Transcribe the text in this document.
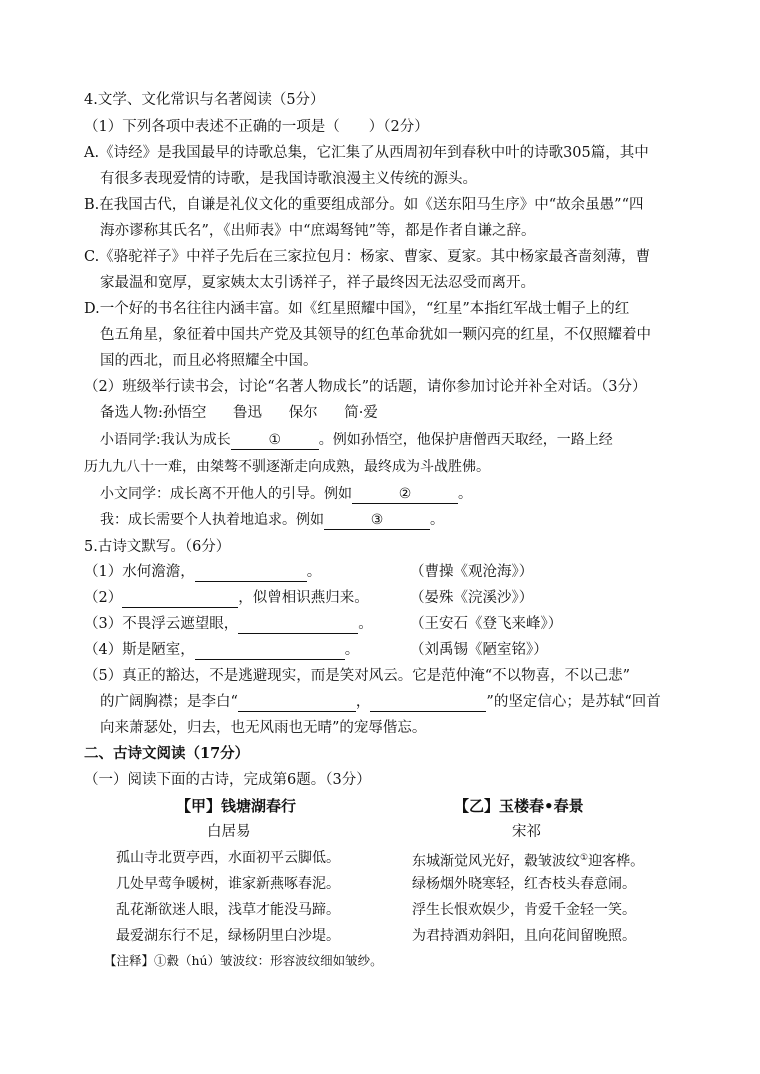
4.文学、文化常识与名著阅读（5分）
（1）下列各项中表述不正确的一项是（　　）（2分）
A.《诗经》是我国最早的诗歌总集，它汇集了从西周初年到春秋中叶的诗歌305篇，其中
有很多表现爱情的诗歌，是我国诗歌浪漫主义传统的源头。
B.在我国古代，自谦是礼仪文化的重要组成部分。如《送东阳马生序》中“故余虽愚”“四
海亦谬称其氏名”，《出师表》中“庶竭驽钝”等，都是作者自谦之辞。
C.《骆驼祥子》中祥子先后在三家拉包月：杨家、曹家、夏家。其中杨家最吝啬刻薄，曹
家最温和宽厚，夏家姨太太引诱祥子，祥子最终因无法忍受而离开。
D.一个好的书名往往内涵丰富。如《红星照耀中国》，“红星”本指红军战士帽子上的红
色五角星，象征着中国共产党及其领导的红色革命犹如一颗闪亮的红星，不仅照耀着中
国的西北，而且必将照耀全中国。
（2）班级举行读书会，讨论“名著人物成长”的话题，请你参加讨论并补全对话。（3分）
备选人物:孙悟空 鲁迅 保尔 简·爱
小语同学:我认为成长	①	。例如孙悟空，他保护唐僧西天取经，一路上经
历九九八十一难，由桀骜不驯逐渐走向成熟，最终成为斗战胜佛。
小文同学：成长离不开他人的引导。例如	②	。
我：成长需要个人执着地追求。例如	③	。
5.古诗文默写。（6分）
（1）水何澹澹，	。	（曹操《观沧海》）
（2）	，似曾相识燕归来。	（晏殊《浣溪沙》）
（3）不畏浮云遮望眼，	。	（王安石《登飞来峰》）
（4）斯是陋室，	。	（刘禹锡《陋室铭》）
（5）真正的豁达，不是逃避现实，而是笑对风云。它是范仲淹“不以物喜，不以己悲”
的广阔胸襟；是李白“	，	”的坚定信心；是苏轼“回首
向来萧瑟处，归去，也无风雨也无晴”的宠辱偕忘。
二、古诗文阅读（17分）
（一）阅读下面的古诗，完成第6题。（3分）
【甲】钱塘湖春行
白居易
孤山寺北贾亭西，水面初平云脚低。
几处早莺争暖树，谁家新燕啄春泥。
乱花渐欲迷人眼，浅草才能没马蹄。
最爱湖东行不足，绿杨阴里白沙堤。
【乙】玉楼春•春景
宋祁
东城渐觉风光好，縠皱波纹①迎客桦。
绿杨烟外晓寒轻，红杏枝头春意闹。
浮生长恨欢娱少，肯爱千金轻一笑。
为君持酒劝斜阳，且向花间留晚照。
【注释】①縠（hú）皱波纹：形容波纹细如皱纱。
